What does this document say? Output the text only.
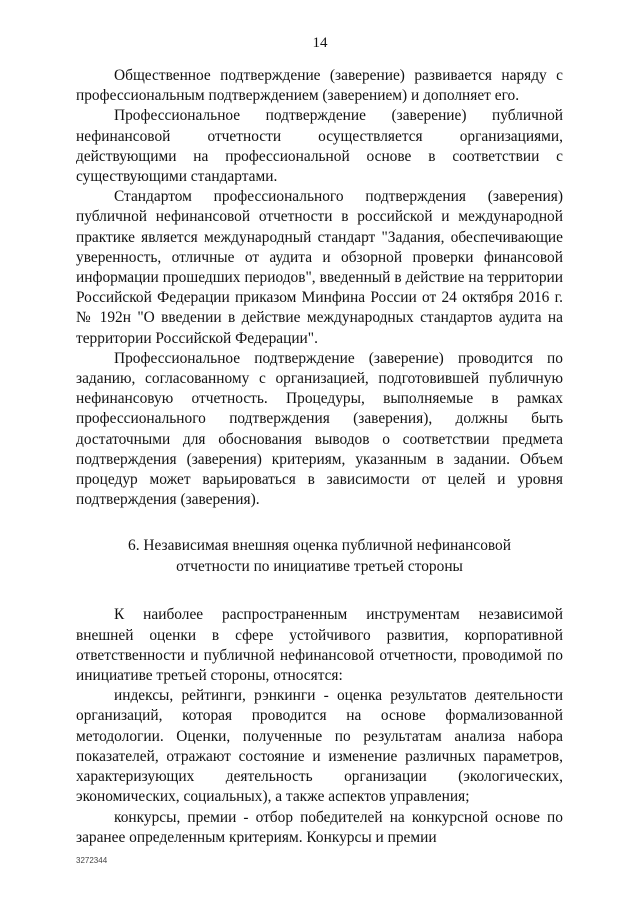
14

Общественное подтверждение (заверение) развивается наряду с профессиональным подтверждением (заверением) и дополняет его.

Профессиональное подтверждение (заверение) публичной нефинансовой отчетности осуществляется организациями, действующими на профессиональной основе в соответствии с существующими стандартами.

Стандартом профессионального подтверждения (заверения) публичной нефинансовой отчетности в российской и международной практике является международный стандарт "Задания, обеспечивающие уверенность, отличные от аудита и обзорной проверки финансовой информации прошедших периодов", введенный в действие на территории Российской Федерации приказом Минфина России от 24 октября 2016 г. № 192н "О введении в действие международных стандартов аудита на территории Российской Федерации".

Профессиональное подтверждение (заверение) проводится по заданию, согласованному с организацией, подготовившей публичную нефинансовую отчетность. Процедуры, выполняемые в рамках профессионального подтверждения (заверения), должны быть достаточными для обоснования выводов о соответствии предмета подтверждения (заверения) критериям, указанным в задании. Объем процедур может варьироваться в зависимости от целей и уровня подтверждения (заверения).

6. Независимая внешняя оценка публичной нефинансовой
отчетности по инициативе третьей стороны

К наиболее распространенным инструментам независимой внешней оценки в сфере устойчивого развития, корпоративной ответственности и публичной нефинансовой отчетности, проводимой по инициативе третьей стороны, относятся:

индексы, рейтинги, рэнкинги - оценка результатов деятельности организаций, которая проводится на основе формализованной методологии. Оценки, полученные по результатам анализа набора показателей, отражают состояние и изменение различных параметров, характеризующих деятельность организации (экологических, экономических, социальных), а также аспектов управления;

конкурсы, премии - отбор победителей на конкурсной основе по заранее определенным критериям. Конкурсы и премии

3272344
